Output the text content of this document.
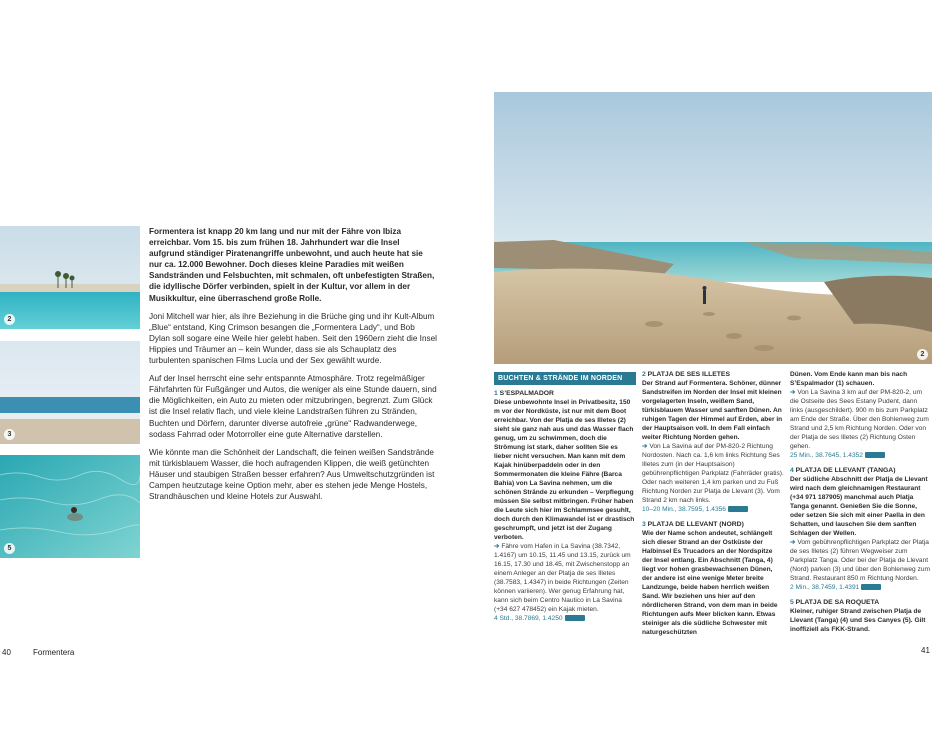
2
3
5

Formentera ist knapp 20 km lang und nur mit der Fähre von Ibiza erreichbar. Vom 15. bis zum frühen 18. Jahrhundert war die Insel aufgrund ständiger Piratenangriffe unbewohnt, und auch heute hat sie nur ca. 12.000 Bewohner. Doch dieses kleine Paradies mit weißen Sandstränden und Felsbuchten, mit schmalen, oft unbefestigten Straßen, die idyllische Dörfer verbinden, spielt in der Kultur, vor allem in der Musikkultur, eine überraschend große Rolle.

Joni Mitchell war hier, als ihre Beziehung in die Brüche ging und ihr Kult-Album „Blue“ entstand, King Crimson besangen die „Formentera Lady“, und Bob Dylan soll sogare eine Weile hier gelebt haben. Seit den 1960ern zieht die Insel Hippies und Träumer an – kein Wunder, dass sie als Schauplatz des turbulenten spanischen Films Lucía und der Sex gewählt wurde.

Auf der Insel herrscht eine sehr entspannte Atmosphäre. Trotz regelmäßiger Fährfahrten für Fußgänger und Autos, die weniger als eine Stunde dauern, sind die Möglichkeiten, ein Auto zu mieten oder mitzubringen, begrenzt. Zum Glück ist die Insel relativ flach, und viele kleine Landstraßen führen zu Stränden, Buchten und Dörfern, darunter diverse autofreie „grüne“ Radwanderwege, sodass Fahrrad oder Motorroller eine gute Alternative darstellen.

Wie könnte man die Schönheit der Landschaft, die feinen weißen Sandstrände mit türkisblauem Wasser, die hoch aufragenden Klippen, die weiß getünchten Häuser und staubigen Straßen besser erfahren? Aus Umweltschutzgründen ist Campen heutzutage keine Option mehr, aber es stehen jede Menge Hostels, Strandhäuschen und kleine Hotels zur Auswahl.

40	Formentera
2
BUCHTEN & STRÄNDE IM NORDEN
1 S’ESPALMADOR

Diese unbewohnte Insel in Privatbesitz, 150 m vor der Nordküste, ist nur mit dem Boot erreichbar. Von der Platja de ses Illetes (2) sieht sie ganz nah aus und das Wasser flach genug, um zu schwimmen, doch die Strömung ist stark, daher sollten Sie es lieber nicht versuchen. Man kann mit dem Kajak hinüberpaddeln oder in den Sommermonaten die kleine Fähre (Barca Bahía) von La Savina nehmen, um die schönen Strände zu erkunden – Verpflegung müssen Sie selbst mitbringen. Früher haben die Leute sich hier im Schlammsee gesuhlt, doch durch den Klimawandel ist er drastisch geschrumpft, und jetzt ist der Zugang verboten.

➔ Fähre vom Hafen in La Savina (38.7342, 1.4167) um 10.15, 11.45 und 13.15, zurück um 16.15, 17.30 und 18.45, mit Zwischenstopp an einem Anleger an der Platja de ses Illetes (38.7583, 1.4347) in beide Richtungen (Zeiten können variieren). Wer genug Erfahrung hat, kann sich beim Centro Nautico in La Savina (+34 627 478452) ein Kajak mieten.

4 Std., 38.7869, 1.4250

2 PLATJA DE SES ILLETES

Der Strand auf Formentera. Schöner, dünner Sandstreifen im Norden der Insel mit kleinen vorgelagerten Inseln, weißem Sand, türkisblauem Wasser und sanften Dünen. An ruhigen Tagen der Himmel auf Erden, aber in der Hauptsaison voll. In dem Fall einfach weiter Richtung Norden gehen.

➔ Von La Savina auf der PM-820-2 Richtung Nordosten. Nach ca. 1,6 km links Richtung Ses Illetes zum (in der Hauptsaison) gebührenpflichtigen Parkplatz (Fahrräder gratis). Oder nach weiteren 1,4 km parken und zu Fuß Richtung Norden zur Platja de Llevant (3). Vom Strand 2 km nach links.

10–20 Min., 38.7595, 1.4356

3 PLATJA DE LLEVANT (NORD)

Wie der Name schon andeutet, schlängelt sich dieser Strand an der Ostküste der Halbinsel Es Trucadors an der Nordspitze der Insel entlang. Ein Abschnitt (Tanga, 4) liegt vor hohen grasbewachsenen Dünen, der andere ist eine wenige Meter breite Landzunge, beide haben herrlich weißen Sand. Wir beziehen uns hier auf den nördlicheren Strand, von dem man in beide Richtungen aufs Meer blicken kann. Etwas steiniger als die südliche Schwester mit naturgeschützten

Dünen. Vom Ende kann man bis nach S’Espalmador (1) schauen.

➔ Von La Savina 3 km auf der PM-820-2, um die Ostseite des Sees Estany Pudent, dann links (ausgeschildert). 900 m bis zum Parkplatz am Ende der Straße. Über den Bohlenweg zum Strand und 2,5 km Richtung Norden. Oder von der Platja de ses Illetes (2) Richtung Osten gehen.

25 Min., 38.7645, 1.4352

4 PLATJA DE LLEVANT (TANGA)

Der südliche Abschnitt der Platja de Llevant wird nach dem gleichnamigen Restaurant (+34 971 187905) manchmal auch Platja Tanga genannt. Genießen Sie die Sonne, oder setzen Sie sich mit einer Paella in den Schatten, und lauschen Sie dem sanften Schlagen der Wellen.

➔ Vom gebührenpflichtigen Parkplatz der Platja de ses Illetes (2) führen Wegweiser zum Parkplatz Tanga. Oder bei der Platja de Llevant (Nord) parken (3) und über den Bohlenweg zum Strand. Restaurant 850 m Richtung Norden.

2 Min., 38.7459, 1.4391

5 PLATJA DE SA ROQUETA

Kleiner, ruhiger Strand zwischen Platja de Llevant (Tanga) (4) und Ses Canyes (5). Gilt inoffiziell als FKK-Strand.

41
